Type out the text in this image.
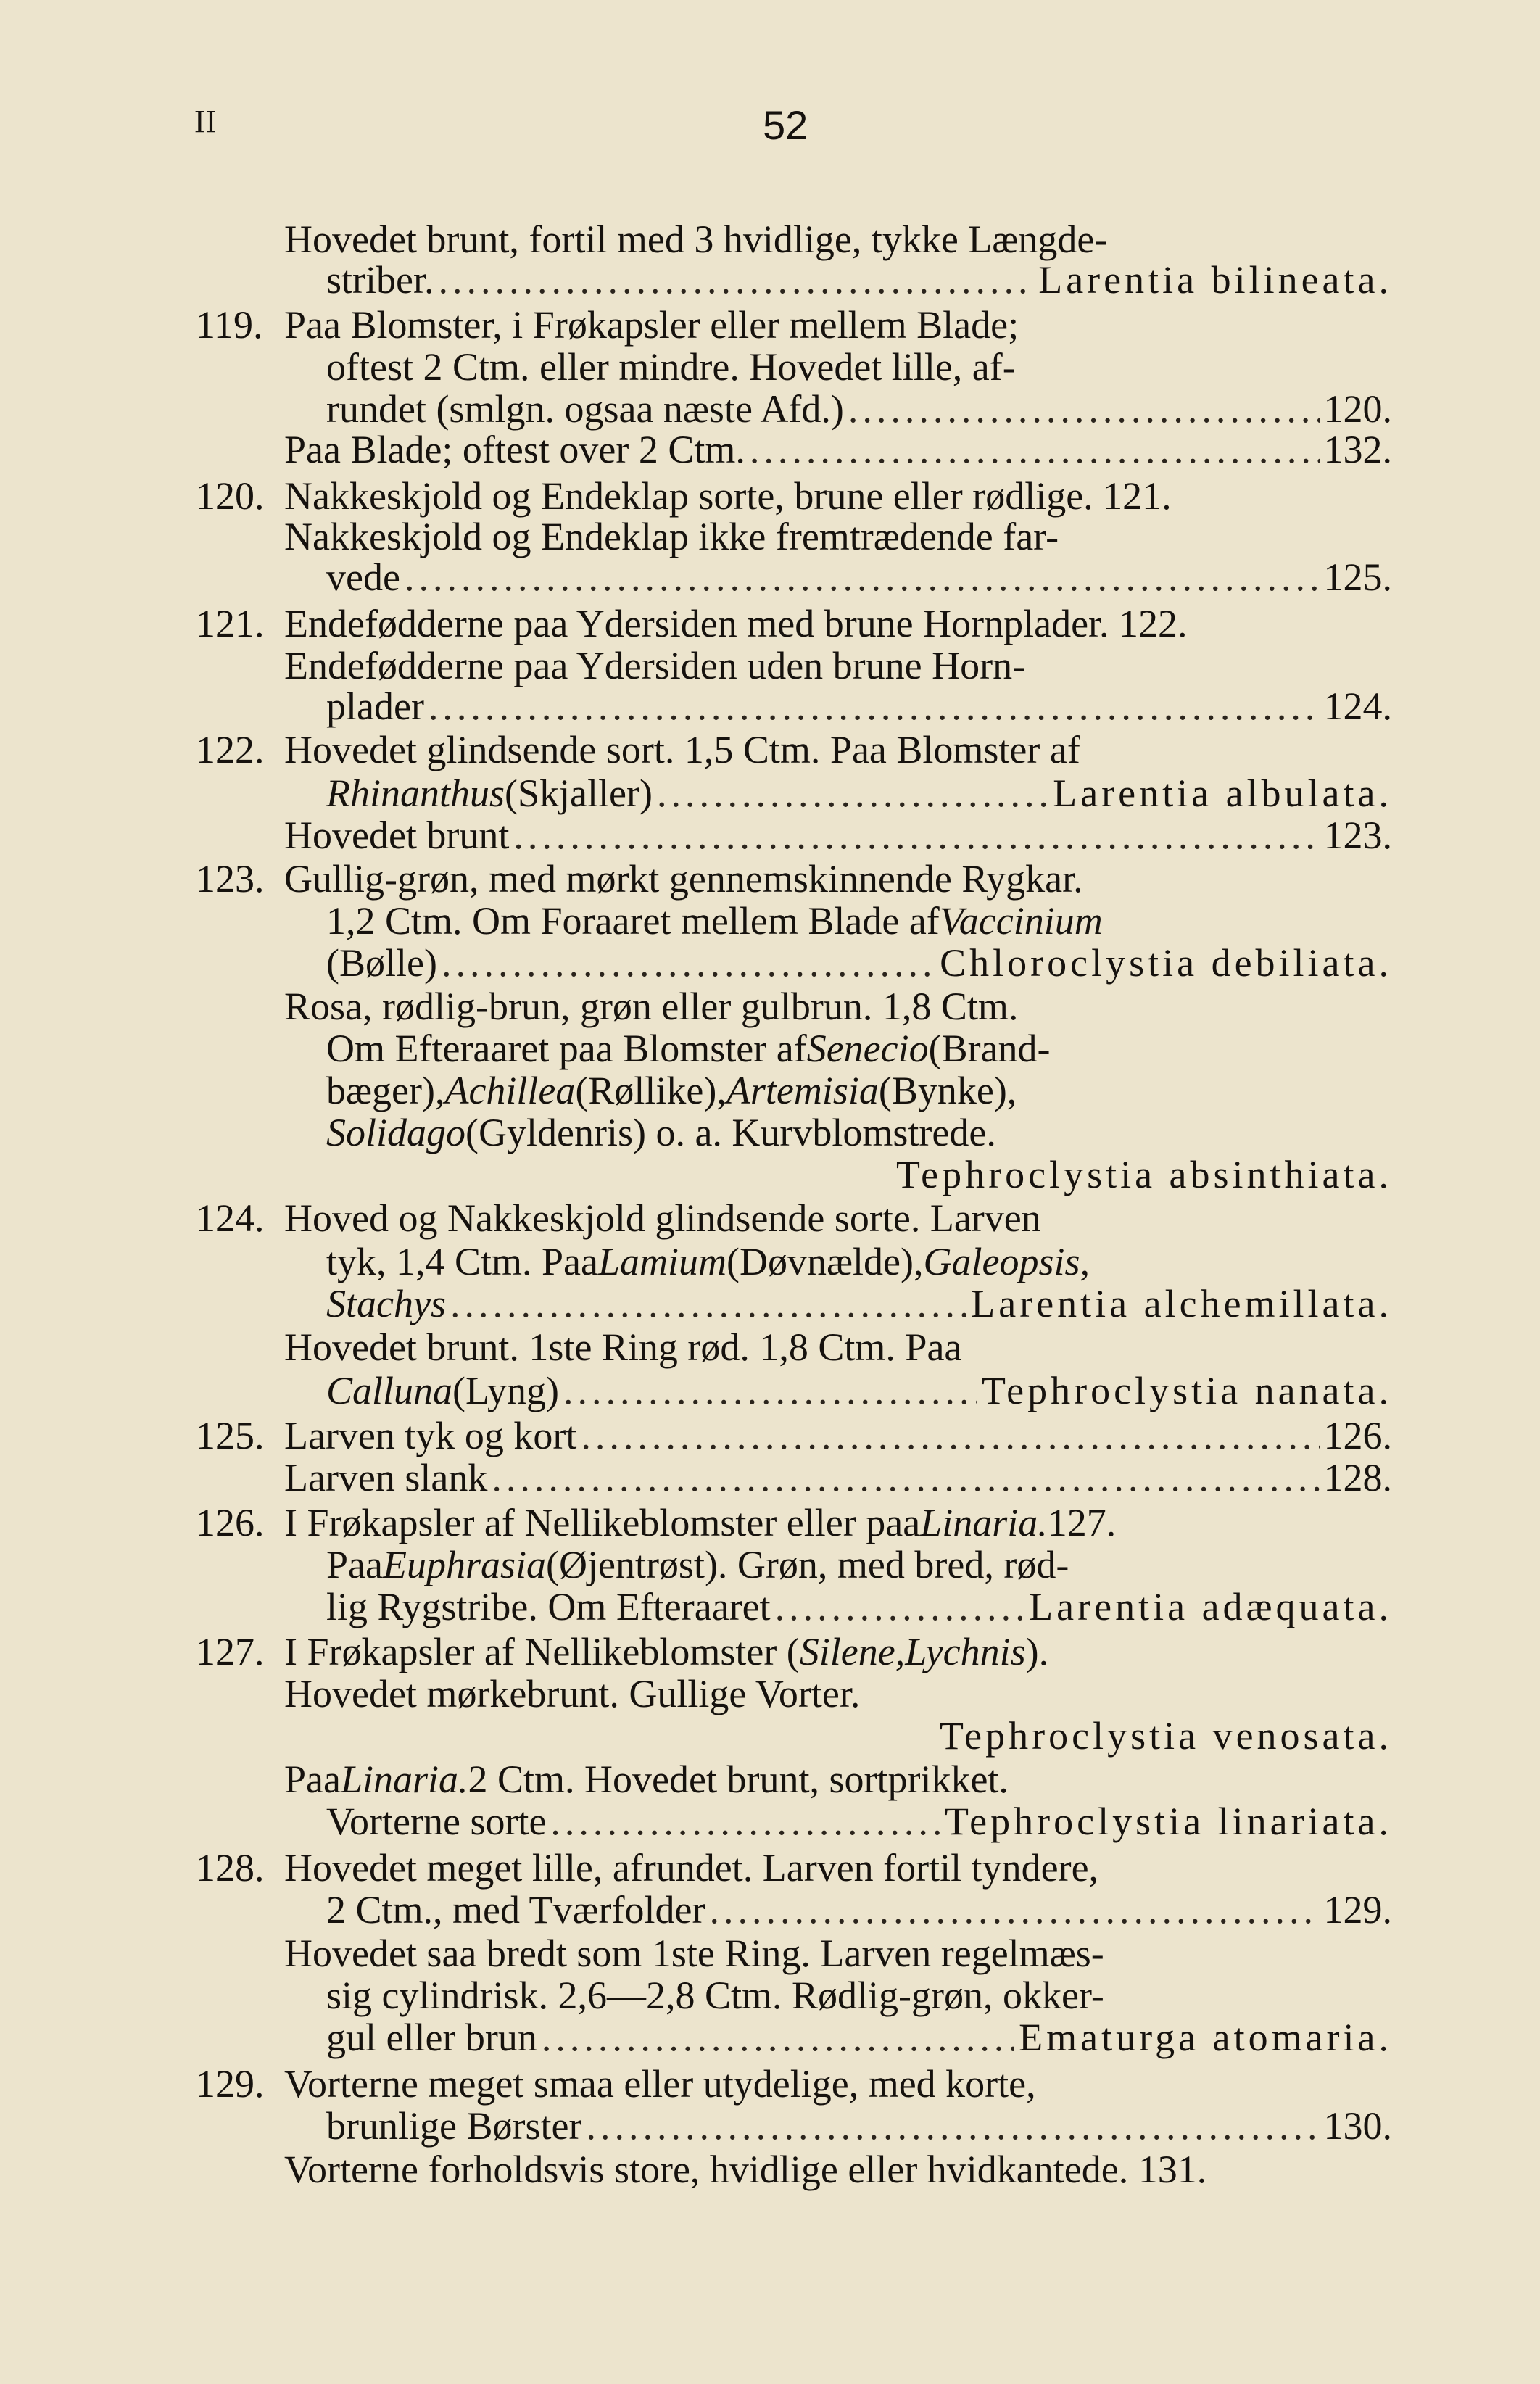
II	52
Hovedet brunt, fortil med 3 hvidlige, tykke Længde-
striber. .....	Larentia bilineata.
119. Paa Blomster, i Frøkapsler eller mellem Blade;
oftest 2 Ctm. eller mindre. Hovedet lille, af-
rundet (smlgn. ogsaa næste Afd.) .....	120.
Paa Blade; oftest over 2 Ctm. .....	132.
120. Nakkeskjold og Endeklap sorte, brune eller rødlige. 121.
Nakkeskjold og Endeklap ikke fremtrædende far-
vede .....	125.
121. Endefødderne paa Ydersiden med brune Hornplader. 122.
Endefødderne paa Ydersiden uden brune Horn-
plader .....	124.
122. Hovedet glindsende sort. 1,5 Ctm. Paa Blomster af
Rhinanthus (Skjaller) .....	Larentia albulata.
Hovedet brunt .....	123.
123. Gullig-grøn, med mørkt gennemskinnende Rygkar.
1,2 Ctm. Om Foraaret mellem Blade af Vaccinium
(Bølle) .....	Chloroclystia debiliata.
Rosa, rødlig-brun, grøn eller gulbrun. 1,8 Ctm.
Om Efteraaret paa Blomster af Senecio (Brand-
bæger), Achillea (Røllike), Artemisia (Bynke),
Solidago (Gyldenris) o. a. Kurvblomstrede.
Tephroclystia absinthiata.
124. Hoved og Nakkeskjold glindsende sorte. Larven
tyk, 1,4 Ctm. Paa Lamium (Døvnælde), Galeopsis,
Stachys .....	Larentia alchemillata.
Hovedet brunt. 1ste Ring rød. 1,8 Ctm. Paa
Calluna (Lyng) .....	Tephroclystia nanata.
125. Larven tyk og kort .....	126.
Larven slank .....	128.
126. I Frøkapsler af Nellikeblomster eller paa Linaria. 127.
Paa Euphrasia (Øjentrøst). Grøn, med bred, rød-
lig Rygstribe. Om Efteraaret .....	Larentia adæquata.
127. I Frøkapsler af Nellikeblomster ( Silene, Lychnis ).
Hovedet mørkebrunt. Gullige Vorter.
Tephroclystia venosata.
Paa Linaria. 2 Ctm. Hovedet brunt, sortprikket.
Vorterne sorte .....	Tephroclystia linariata.
128. Hovedet meget lille, afrundet. Larven fortil tyndere,
2 Ctm., med Tværfolder .....	129.
Hovedet saa bredt som 1ste Ring. Larven regelmæs-
sig cylindrisk. 2,6—2,8 Ctm. Rødlig-grøn, okker-
gul eller brun .....	Ematurga atomaria.
129. Vorterne meget smaa eller utydelige, med korte,
brunlige Børster .....	130.
Vorterne forholdsvis store, hvidlige eller hvidkantede. 131.
